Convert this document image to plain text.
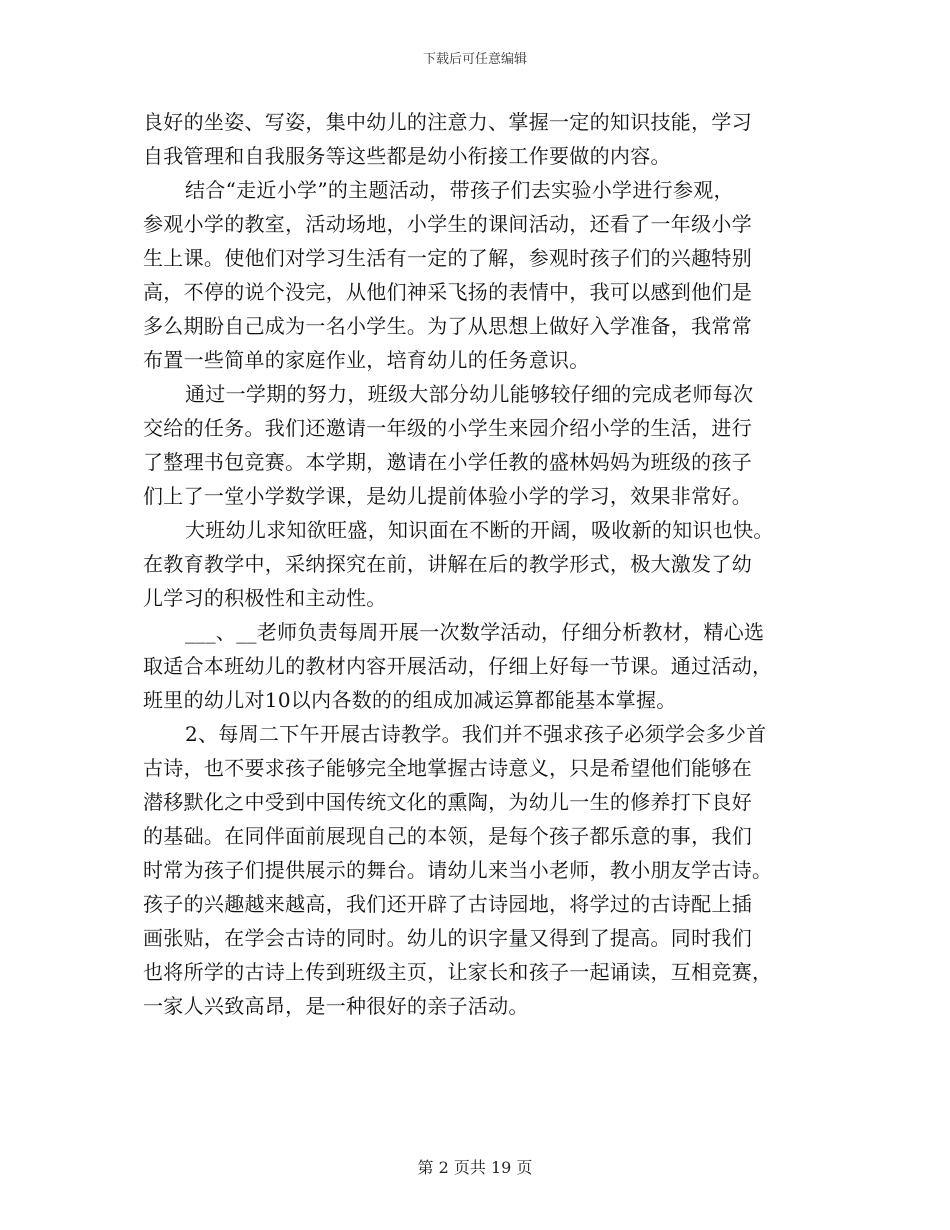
下载后可任意编辑
良好的坐姿、写姿，集中幼儿的注意力、掌握一定的知识技能，学习
自我管理和自我服务等这些都是幼小衔接工作要做的内容。
结合“走近小学”的主题活动，带孩子们去实验小学进行参观，
参观小学的教室，活动场地，小学生的课间活动，还看了一年级小学
生上课。使他们对学习生活有一定的了解，参观时孩子们的兴趣特别
高，不停的说个没完，从他们神采飞扬的表情中，我可以感到他们是
多么期盼自己成为一名小学生。为了从思想上做好入学准备，我常常
布置一些简单的家庭作业，培育幼儿的任务意识。
通过一学期的努力，班级大部分幼儿能够较仔细的完成老师每次
交给的任务。我们还邀请一年级的小学生来园介绍小学的生活，进行
了整理书包竞赛。本学期，邀请在小学任教的盛林妈妈为班级的孩子
们上了一堂小学数学课，是幼儿提前体验小学的学习，效果非常好。
大班幼儿求知欲旺盛，知识面在不断的开阔，吸收新的知识也快。
在教育教学中，采纳探究在前，讲解在后的教学形式，极大激发了幼
儿学习的积极性和主动性。
___、__老师负责每周开展一次数学活动，仔细分析教材，精心选
取适合本班幼儿的教材内容开展活动，仔细上好每一节课。通过活动，
班里的幼儿对10以内各数的的组成加减运算都能基本掌握。
2、每周二下午开展古诗教学。我们并不强求孩子必须学会多少首
古诗，也不要求孩子能够完全地掌握古诗意义，只是希望他们能够在
潜移默化之中受到中国传统文化的熏陶，为幼儿一生的修养打下良好
的基础。在同伴面前展现自己的本领，是每个孩子都乐意的事，我们
时常为孩子们提供展示的舞台。请幼儿来当小老师，教小朋友学古诗。
孩子的兴趣越来越高，我们还开辟了古诗园地，将学过的古诗配上插
画张贴，在学会古诗的同时。幼儿的识字量又得到了提高。同时我们
也将所学的古诗上传到班级主页，让家长和孩子一起诵读，互相竞赛，
一家人兴致高昂，是一种很好的亲子活动。
第 2 页共 19 页
